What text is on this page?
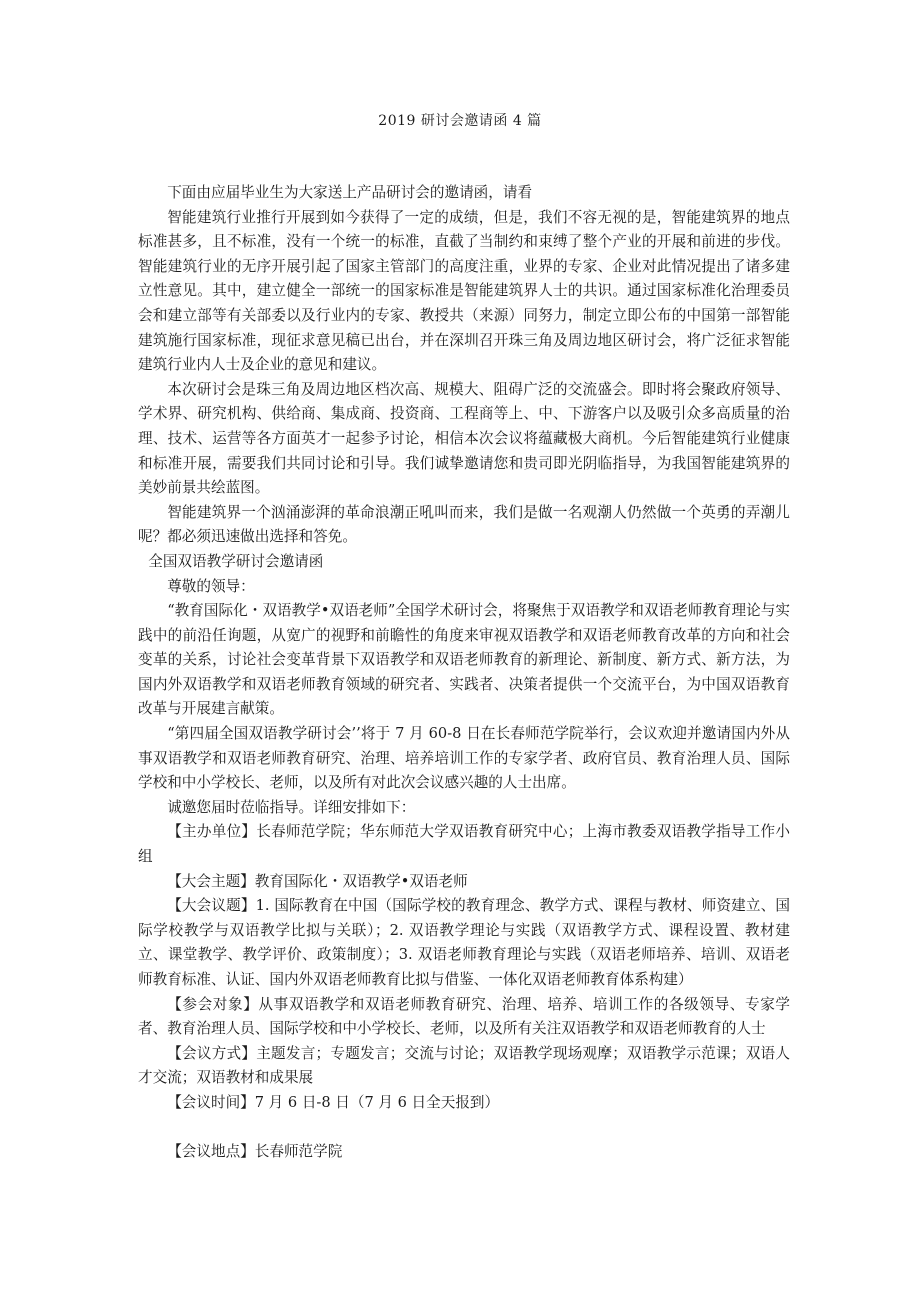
2019 研讨会邀请函 4 篇

下面由应届毕业生为大家送上产品研讨会的邀请函，请看

智能建筑行业推行开展到如今获得了一定的成绩，但是，我们不容无视的是，智能建筑界的地点标准甚多，且不标准，没有一个统一的标准，直截了当制约和束缚了整个产业的开展和前进的步伐。智能建筑行业的无序开展引起了国家主管部门的高度注重，业界的专家、企业对此情况提出了诸多建立性意见。其中，建立健全一部统一的国家标准是智能建筑界人士的共识。通过国家标准化治理委员会和建立部等有关部委以及行业内的专家、教授共（来源）同努力，制定立即公布的中国第一部智能建筑施行国家标准，现征求意见稿已出台，并在深圳召开珠三角及周边地区研讨会，将广泛征求智能建筑行业内人士及企业的意见和建议。

本次研讨会是珠三角及周边地区档次高、规模大、阻碍广泛的交流盛会。即时将会聚政府领导、学术界、研究机构、供给商、集成商、投资商、工程商等上、中、下游客户以及吸引众多高质量的治理、技术、运营等各方面英才一起参予讨论，相信本次会议将蕴藏极大商机。今后智能建筑行业健康和标准开展，需要我们共同讨论和引导。我们诚挚邀请您和贵司即光阴临指导，为我国智能建筑界的美妙前景共绘蓝图。

智能建筑界一个汹涌澎湃的革命浪潮正吼叫而来，我们是做一名观潮人仍然做一个英勇的弄潮儿呢？都必须迅速做出选择和答免。

全国双语教学研讨会邀请函

尊敬的领导：

“教育国际化・双语教学•双语老师”全国学术研讨会，将聚焦于双语教学和双语老师教育理论与实践中的前沿任询题，从宽广的视野和前瞻性的角度来审视双语教学和双语老师教育改革的方向和社会变革的关系，讨论社会变革背景下双语教学和双语老师教育的新理论、新制度、新方式、新方法，为国内外双语教学和双语老师教育领域的研究者、实践者、决策者提供一个交流平台，为中国双语教育改革与开展建言献策。

“第四届全国双语教学研讨会’’将于 7 月 60-8 日在长春师范学院举行，会议欢迎并邀请国内外从事双语教学和双语老师教育研究、治理、培养培训工作的专家学者、政府官员、教育治理人员、国际学校和中小学校长、老师，以及所有对此次会议感兴趣的人士出席。

诚邀您届时莅临指导。详细安排如下：

【主办单位】长春师范学院；华东师范大学双语教育研究中心；上海市教委双语教学指导工作小组

【大会主题】教育国际化・双语教学•双语老师

【大会议题】1. 国际教育在中国（国际学校的教育理念、教学方式、课程与教材、师资建立、国际学校教学与双语教学比拟与关联）；2. 双语教学理论与实践（双语教学方式、课程设置、教材建立、课堂教学、教学评价、政策制度）；3. 双语老师教育理论与实践（双语老师培养、培训、双语老师教育标准、认证、国内外双语老师教育比拟与借鉴、一体化双语老师教育体系构建）

【参会对象】从事双语教学和双语老师教育研究、治理、培养、培训工作的各级领导、专家学者、教育治理人员、国际学校和中小学校长、老师，以及所有关注双语教学和双语老师教育的人士

【会议方式】主题发言；专题发言；交流与讨论；双语教学现场观摩；双语教学示范课；双语人才交流；双语教材和成果展

【会议时间】7 月 6 日-8 日（7 月 6 日全天报到）

【会议地点】长春师范学院
